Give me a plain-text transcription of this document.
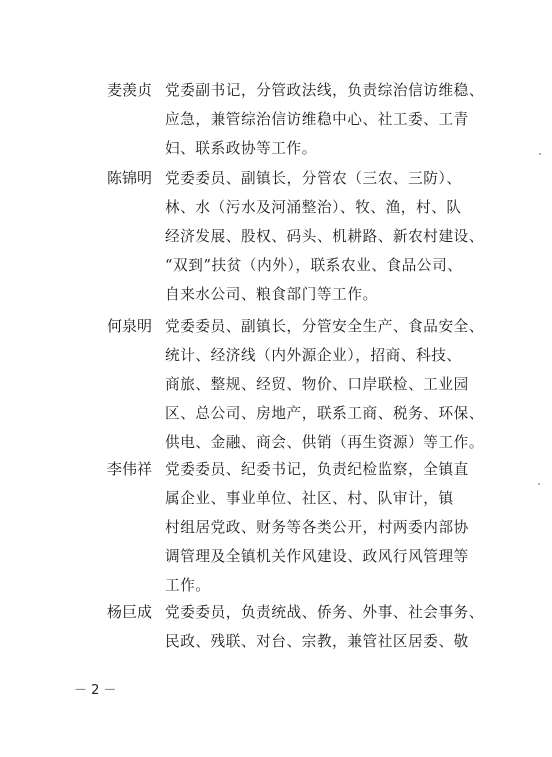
麦羡贞 党委副书记，分管政法线，负责综治信访维稳、
应急，兼管综治信访维稳中心、社工委、工青
妇、联系政协等工作。
陈锦明 党委委员、副镇长，分管农（三农、三防）、
林、水（污水及河涌整治）、牧、渔，村、队
经济发展、股权、码头、机耕路、新农村建设、
“双到”扶贫（内外），联系农业、食品公司、
自来水公司、粮食部门等工作。
何泉明 党委委员、副镇长，分管安全生产、食品安全、
统计、经济线（内外源企业），招商、科技、
商旅、整规、经贸、物价、口岸联检、工业园
区、总公司、房地产，联系工商、税务、环保、
供电、金融、商会、供销（再生资源）等工作。
李伟祥 党委委员、纪委书记，负责纪检监察，全镇直
属企业、事业单位、社区、村、队审计，镇
村组居党政、财务等各类公开，村两委内部协
调管理及全镇机关作风建设、政风行风管理等
工作。
杨巨成 党委委员，负责统战、侨务、外事、社会事务、
民政、残联、对台、宗教，兼管社区居委、敬
－ 2 －
